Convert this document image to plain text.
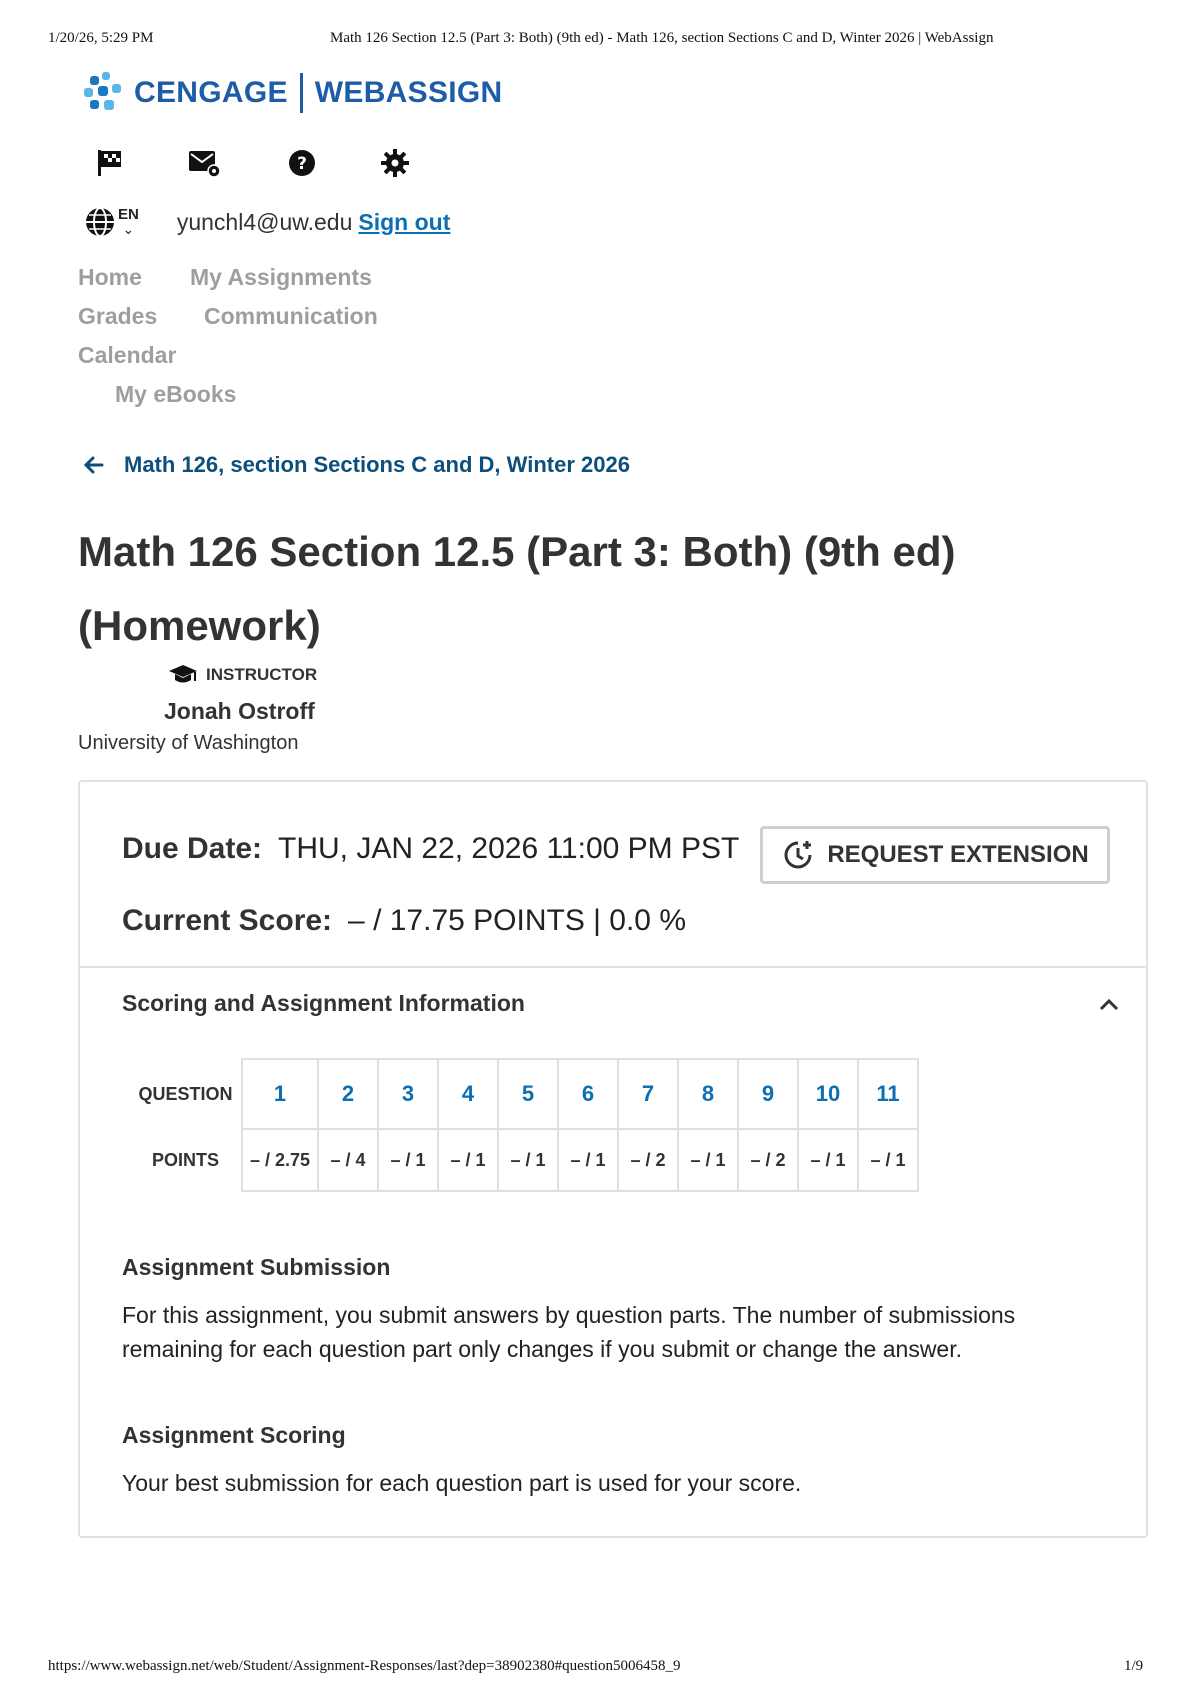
1/20/26, 5:29 PM	Math 126 Section 12.5 (Part 3: Both) (9th ed) - Math 126, section Sections C and D, Winter 2026 | WebAssign
CENGAGE WEBASSIGN
?
EN
⌄ yunchl4@uw.edu Sign out
Home My Assignments
Grades Communication
Calendar
My eBooks
Math 126, section Sections C and D, Winter 2026
Math 126 Section 12.5 (Part 3: Both) (9th ed)
(Homework)
INSTRUCTOR
Jonah Ostroff
University of Washington
Due Date: THU, JAN 22, 2026 11:00 PM PST
Current Score: – / 17.75 POINTS | 0.0 %
REQUEST EXTENSION
Scoring and Assignment Information
QUESTION	1	2	3	4	5	6	7	8	9	10	11
POINTS	– / 2.75	– / 4	– / 1	– / 1	– / 1	– / 1	– / 2	– / 1	– / 2	– / 1	– / 1
Assignment Submission
For this assignment, you submit answers by question parts. The number of submissions remaining for each question part only changes if you submit or change the answer.
Assignment Scoring
Your best submission for each question part is used for your score.
https://www.webassign.net/web/Student/Assignment-Responses/last?dep=38902380#question5006458_9	1/9
